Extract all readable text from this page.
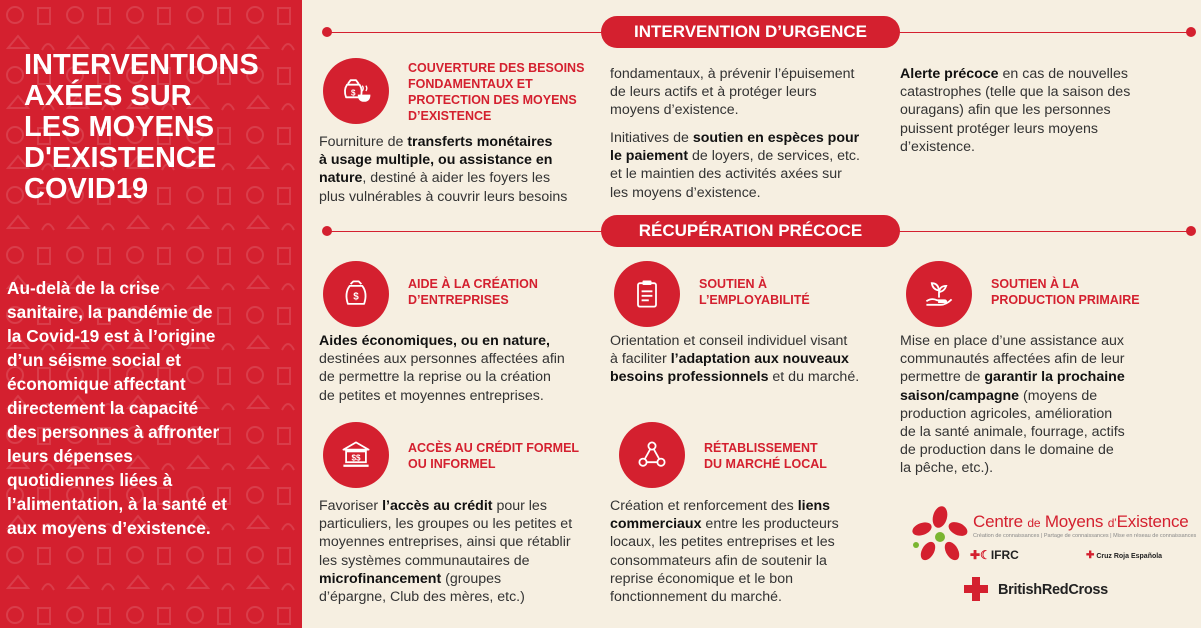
INTERVENTIONS
AXÉES SUR
LES MOYENS
D'EXISTENCE
COVID19
Au-delà de la crise
sanitaire, la pandémie de
la Covid-19 est à l’origine
d’un séisme social et
économique affectant
directement la capacité
des personnes à affronter
leurs dépenses
quotidiennes liées à
l’alimentation, à la santé et
aux moyens d’existence.
INTERVENTION D’URGENCE
RÉCUPÉRATION PRÉCOCE
$
COUVERTURE DES BESOINS
FONDAMENTAUX ET
PROTECTION DES MOYENS
D’EXISTENCE
Fourniture de transferts monétaires
à usage multiple, ou assistance en
nature, destiné à aider les foyers les
plus vulnérables à couvrir leurs besoins
fondamentaux, à prévenir l’épuisement
de leurs actifs et à protéger leurs
moyens d’existence.
Initiatives de soutien en espèces pour
le paiement de loyers, de services, etc.
et le maintien des activités axées sur
les moyens d’existence.
Alerte précoce en cas de nouvelles
catastrophes (telle que la saison des
ouragans) afin que les personnes
puissent protéger leurs moyens
d’existence.
$
AIDE À LA CRÉATION
D’ENTREPRISES
Aides économiques, ou en nature,
destinées aux personnes affectées afin
de permettre la reprise ou la création
de petites et moyennes entreprises.
SOUTIEN À
L’EMPLOYABILITÉ
Orientation et conseil individuel visant
à faciliter l’adaptation aux nouveaux
besoins professionnels et du marché.
SOUTIEN À LA
PRODUCTION PRIMAIRE
Mise en place d’une assistance aux
communautés affectées afin de leur
permettre de garantir la prochaine
saison/campagne (moyens de
production agricoles, amélioration
de la santé animale, fourrage, actifs
de production dans le domaine de
la pêche, etc.).
$$
ACCÈS AU CRÉDIT FORMEL
OU INFORMEL
Favoriser l’accès au crédit pour les
particuliers, les groupes ou les petites et
moyennes entreprises, ainsi que rétablir
les systèmes communautaires de
microfinancement (groupes
d’épargne, Club des mères, etc.)
RÉTABLISSEMENT
DU MARCHÉ LOCAL
Création et renforcement des liens
commerciaux entre les producteurs
locaux, les petites entreprises et les
consommateurs afin de soutenir la
reprise économique et le bon
fonctionnement du marché.
Centre de Moyens d’Existence
Création de connaissances | Partage de connaissances | Mise en réseau de connaissances
✚☾IFRC	✚ Cruz Roja Española
BritishRedCross
